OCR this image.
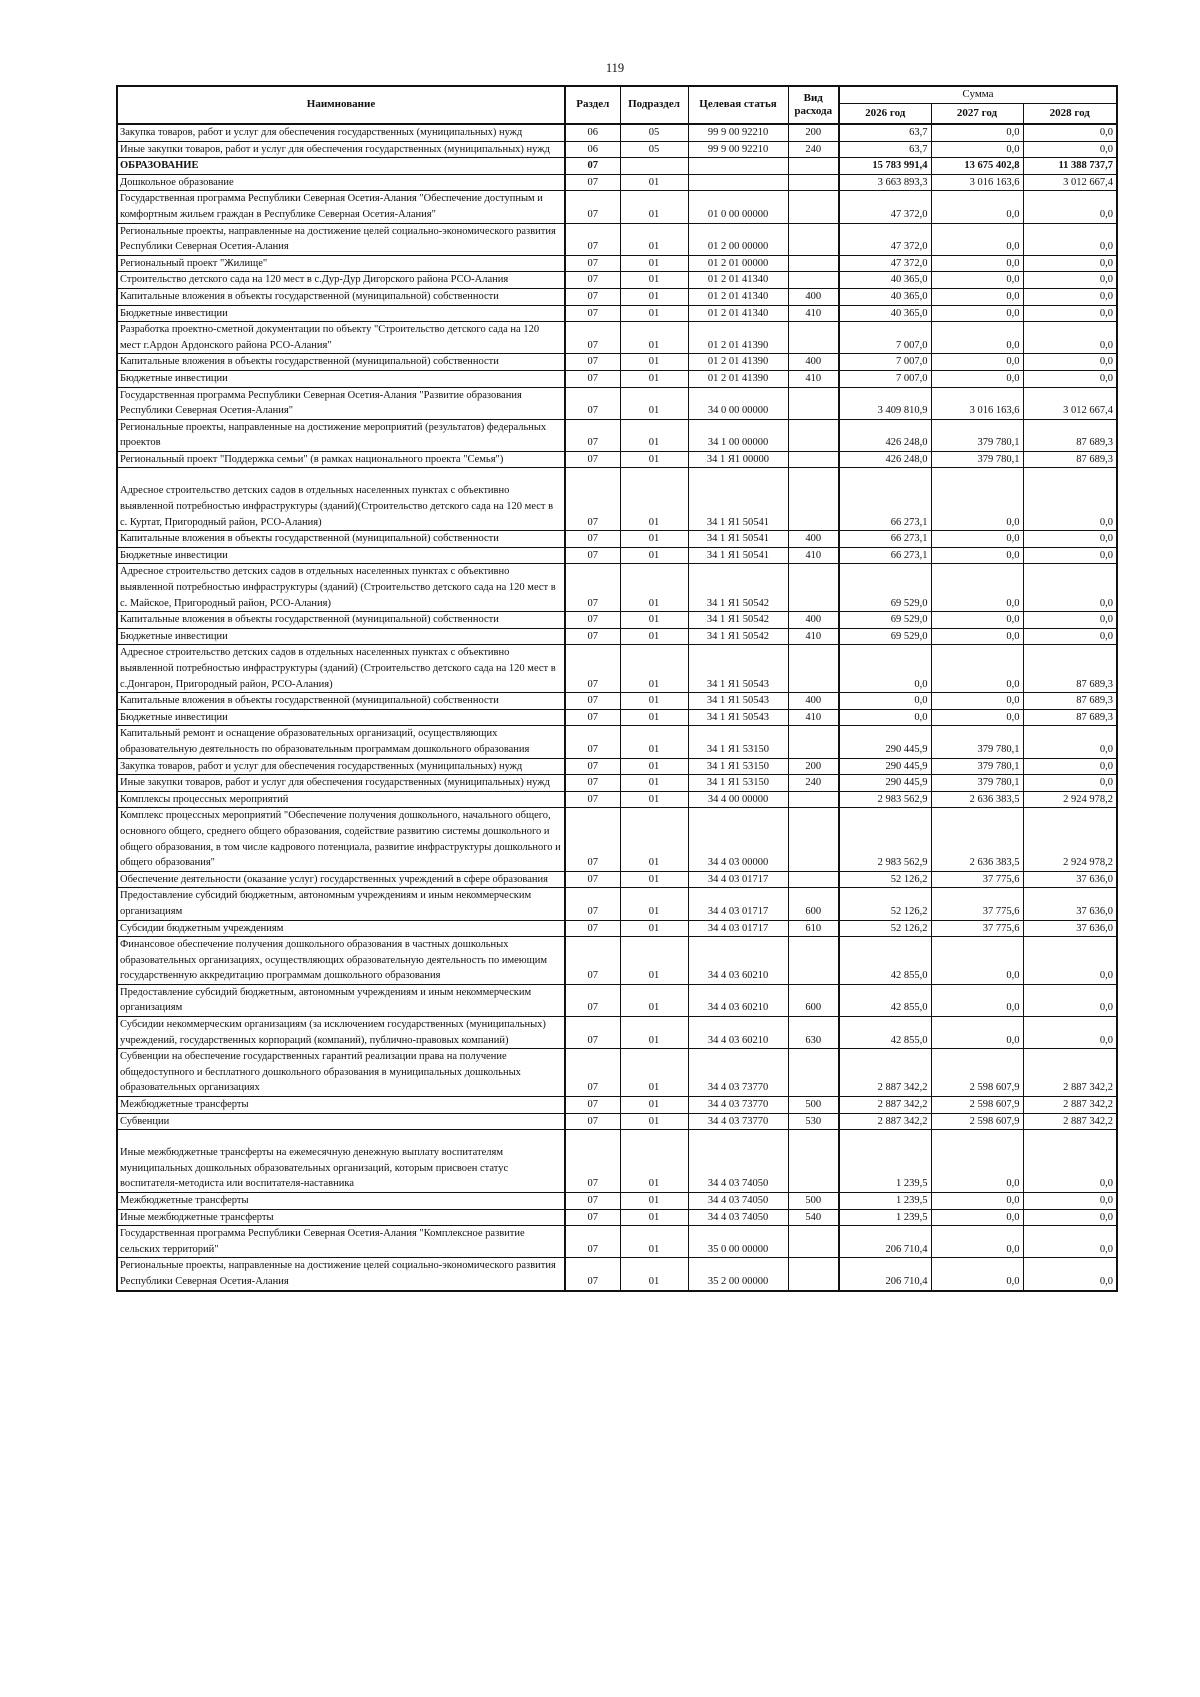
119
Наимнование	Раздел	Подраздел	Целевая статья	Вид расхода	Сумма		
					2026 год	2027 год	2028 год
Закупка товаров, работ и услуг для обеспечения государственных (муниципальных) нужд	06	05	99 9 00 92210	200	63,7	0,0	0,0
Иные закупки товаров, работ и услуг для обеспечения государственных (муниципальных) нужд	06	05	99 9 00 92210	240	63,7	0,0	0,0
ОБРАЗОВАНИЕ	07				15 783 991,4	13 675 402,8	11 388 737,7
Дошкольное образование	07	01			3 663 893,3	3 016 163,6	3 012 667,4
Государственная программа Республики Северная Осетия-Алания "Обеспечение доступным и комфортным жильем граждан в Республике Северная Осетия-Алания"	07	01	01 0 00 00000		47 372,0	0,0	0,0
Региональные проекты, направленные на достижение целей социально-экономического развития Республики Северная Осетия-Алания	07	01	01 2 00 00000		47 372,0	0,0	0,0
Региональный проект "Жилище"	07	01	01 2 01 00000		47 372,0	0,0	0,0
Строительство детского сада на 120 мест в с.Дур-Дур Дигорского района РСО-Алания	07	01	01 2 01 41340		40 365,0	0,0	0,0
Капитальные вложения в объекты государственной (муниципальной) собственности	07	01	01 2 01 41340	400	40 365,0	0,0	0,0
Бюджетные инвестиции	07	01	01 2 01 41340	410	40 365,0	0,0	0,0
Разработка проектно-сметной документации по объекту "Строительство детского сада на 120 мест г.Ардон Ардонского района РСО-Алания"	07	01	01 2 01 41390		7 007,0	0,0	0,0
Капитальные вложения в объекты государственной (муниципальной) собственности	07	01	01 2 01 41390	400	7 007,0	0,0	0,0
Бюджетные инвестиции	07	01	01 2 01 41390	410	7 007,0	0,0	0,0
Государственная программа Республики Северная Осетия-Алания "Развитие образования Республики Северная Осетия-Алания"	07	01	34 0 00 00000		3 409 810,9	3 016 163,6	3 012 667,4
Региональные проекты, направленные на достижение мероприятий (результатов) федеральных проектов	07	01	34 1 00 00000		426 248,0	379 780,1	87 689,3
Региональный проект "Поддержка семьи" (в рамках национального проекта "Семья")	07	01	34 1 Я1 00000		426 248,0	379 780,1	87 689,3
Адресное строительство детских садов в отдельных населенных пунктах с объективно выявленной потребностью инфраструктуры (зданий)(Строительство детского сада на 120 мест в с. Куртат, Пригородный район, РСО-Алания)	07	01	34 1 Я1 50541		66 273,1	0,0	0,0
Капитальные вложения в объекты государственной (муниципальной) собственности	07	01	34 1 Я1 50541	400	66 273,1	0,0	0,0
Бюджетные инвестиции	07	01	34 1 Я1 50541	410	66 273,1	0,0	0,0
Адресное строительство детских садов в отдельных населенных пунктах с объективно выявленной потребностью инфраструктуры (зданий) (Строительство детского сада на 120 мест в с. Майское, Пригородный район, РСО-Алания)	07	01	34 1 Я1 50542		69 529,0	0,0	0,0
Капитальные вложения в объекты государственной (муниципальной) собственности	07	01	34 1 Я1 50542	400	69 529,0	0,0	0,0
Бюджетные инвестиции	07	01	34 1 Я1 50542	410	69 529,0	0,0	0,0
Адресное строительство детских садов в отдельных населенных пунктах с объективно выявленной потребностью инфраструктуры (зданий) (Строительство детского сада на 120 мест в с.Донгарон, Пригородный район, РСО-Алания)	07	01	34 1 Я1 50543		0,0	0,0	87 689,3
Капитальные вложения в объекты государственной (муниципальной) собственности	07	01	34 1 Я1 50543	400	0,0	0,0	87 689,3
Бюджетные инвестиции	07	01	34 1 Я1 50543	410	0,0	0,0	87 689,3
Капитальный ремонт и оснащение образовательных организаций, осуществляющих образовательную деятельность по образовательным программам дошкольного образования	07	01	34 1 Я1 53150		290 445,9	379 780,1	0,0
Закупка товаров, работ и услуг для обеспечения государственных (муниципальных) нужд	07	01	34 1 Я1 53150	200	290 445,9	379 780,1	0,0
Иные закупки товаров, работ и услуг для обеспечения государственных (муниципальных) нужд	07	01	34 1 Я1 53150	240	290 445,9	379 780,1	0,0
Комплексы процессных мероприятий	07	01	34 4 00 00000		2 983 562,9	2 636 383,5	2 924 978,2
Комплекс процессных мероприятий "Обеспечение получения дошкольного, начального общего, основного общего, среднего общего образования, содействие развитию системы дошкольного и общего образования, в том числе кадрового потенциала, развитие инфраструктуры дошкольного и общего образования"	07	01	34 4 03 00000		2 983 562,9	2 636 383,5	2 924 978,2
Обеспечение деятельности (оказание услуг) государственных учреждений в сфере образования	07	01	34 4 03 01717		52 126,2	37 775,6	37 636,0
Предоставление субсидий бюджетным, автономным учреждениям и иным некоммерческим организациям	07	01	34 4 03 01717	600	52 126,2	37 775,6	37 636,0
Субсидии бюджетным учреждениям	07	01	34 4 03 01717	610	52 126,2	37 775,6	37 636,0
Финансовое обеспечение получения дошкольного образования в частных дошкольных образовательных организациях, осуществляющих образовательную деятельность по имеющим государственную аккредитацию программам дошкольного образования	07	01	34 4 03 60210		42 855,0	0,0	0,0
Предоставление субсидий бюджетным, автономным учреждениям и иным некоммерческим организациям	07	01	34 4 03 60210	600	42 855,0	0,0	0,0
Субсидии некоммерческим организациям (за исключением государственных (муниципальных) учреждений, государственных корпораций (компаний), публично-правовых компаний)	07	01	34 4 03 60210	630	42 855,0	0,0	0,0
Субвенции на обеспечение государственных гарантий реализации права на получение общедоступного и бесплатного дошкольного образования в муниципальных дошкольных образовательных организациях	07	01	34 4 03 73770		2 887 342,2	2 598 607,9	2 887 342,2
Межбюджетные трансферты	07	01	34 4 03 73770	500	2 887 342,2	2 598 607,9	2 887 342,2
Субвенции	07	01	34 4 03 73770	530	2 887 342,2	2 598 607,9	2 887 342,2
Иные межбюджетные трансферты на ежемесячную денежную выплату воспитателям муниципальных дошкольных образовательных организаций, которым присвоен статус воспитателя-методиста или воспитателя-наставника	07	01	34 4 03 74050		1 239,5	0,0	0,0
Межбюджетные трансферты	07	01	34 4 03 74050	500	1 239,5	0,0	0,0
Иные межбюджетные трансферты	07	01	34 4 03 74050	540	1 239,5	0,0	0,0
Государственная программа Республики Северная Осетия-Алания "Комплексное развитие сельских территорий"	07	01	35 0 00 00000		206 710,4	0,0	0,0
Региональные проекты, направленные на достижение целей социально-экономического развития Республики Северная Осетия-Алания	07	01	35 2 00 00000		206 710,4	0,0	0,0
